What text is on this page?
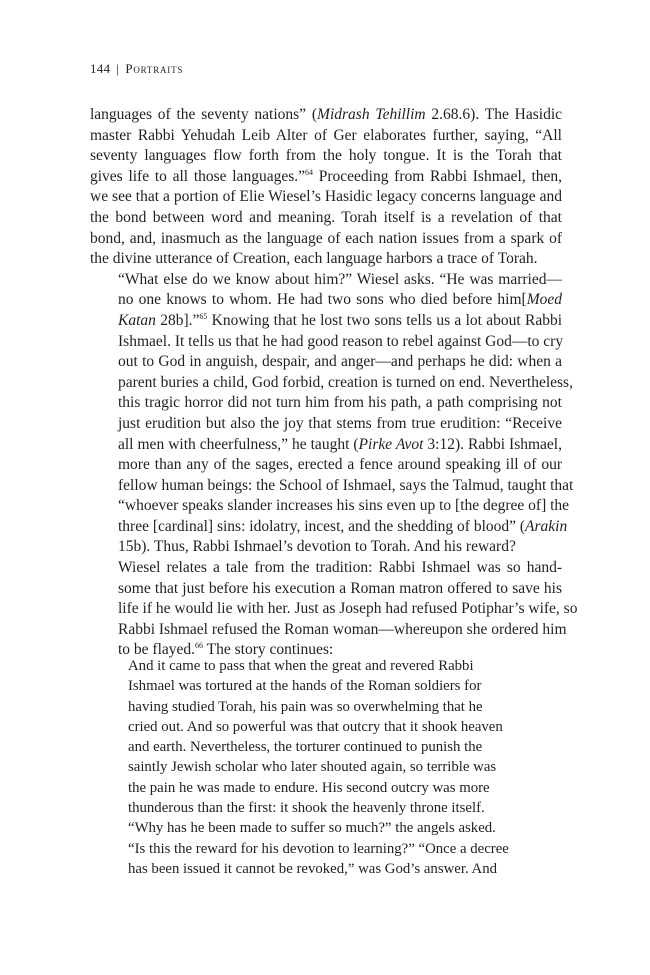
144 | Portraits

languages of the seventy nations” (Midrash Tehillim 2.68.6). The Hasidic
master Rabbi Yehudah Leib Alter of Ger elaborates further, saying, “All
seventy languages flow forth from the holy tongue. It is the Torah that
gives life to all those languages.”$^{64}$ Proceeding from Rabbi Ishmael, then,
we see that a portion of Elie Wiesel’s Hasidic legacy concerns language and
the bond between word and meaning. Torah itself is a revelation of that
bond, and, inasmuch as the language of each nation issues from a spark of
the divine utterance of Creation, each language harbors a trace of Torah.

“What else do we know about him?” Wiesel asks. “He was married—
no one knows to whom. He had two sons who died before him[Moed
Katan 28b].”$^{65}$ Knowing that he lost two sons tells us a lot about Rabbi
Ishmael. It tells us that he had good reason to rebel against God—to cry
out to God in anguish, despair, and anger—and perhaps he did: when a
parent buries a child, God forbid, creation is turned on end. Nevertheless,
this tragic horror did not turn him from his path, a path comprising not
just erudition but also the joy that stems from true erudition: “Receive
all men with cheerfulness,” he taught (Pirke Avot 3:12). Rabbi Ishmael,
more than any of the sages, erected a fence around speaking ill of our
fellow human beings: the School of Ishmael, says the Talmud, taught that
“whoever speaks slander increases his sins even up to [the degree of] the
three [cardinal] sins: idolatry, incest, and the shedding of blood” (Arakin
15b). Thus, Rabbi Ishmael’s devotion to Torah. And his reward?

Wiesel relates a tale from the tradition: Rabbi Ishmael was so hand-
some that just before his execution a Roman matron offered to save his
life if he would lie with her. Just as Joseph had refused Potiphar’s wife, so
Rabbi Ishmael refused the Roman woman—whereupon she ordered him
to be flayed.$^{66}$ The story continues:

And it came to pass that when the great and revered Rabbi
Ishmael was tortured at the hands of the Roman soldiers for
having studied Torah, his pain was so overwhelming that he
cried out. And so powerful was that outcry that it shook heaven
and earth. Nevertheless, the torturer continued to punish the
saintly Jewish scholar who later shouted again, so terrible was
the pain he was made to endure. His second outcry was more
thunderous than the first: it shook the heavenly throne itself.
“Why has he been made to suffer so much?” the angels asked.
“Is this the reward for his devotion to learning?” “Once a decree
has been issued it cannot be revoked,” was God’s answer. And
